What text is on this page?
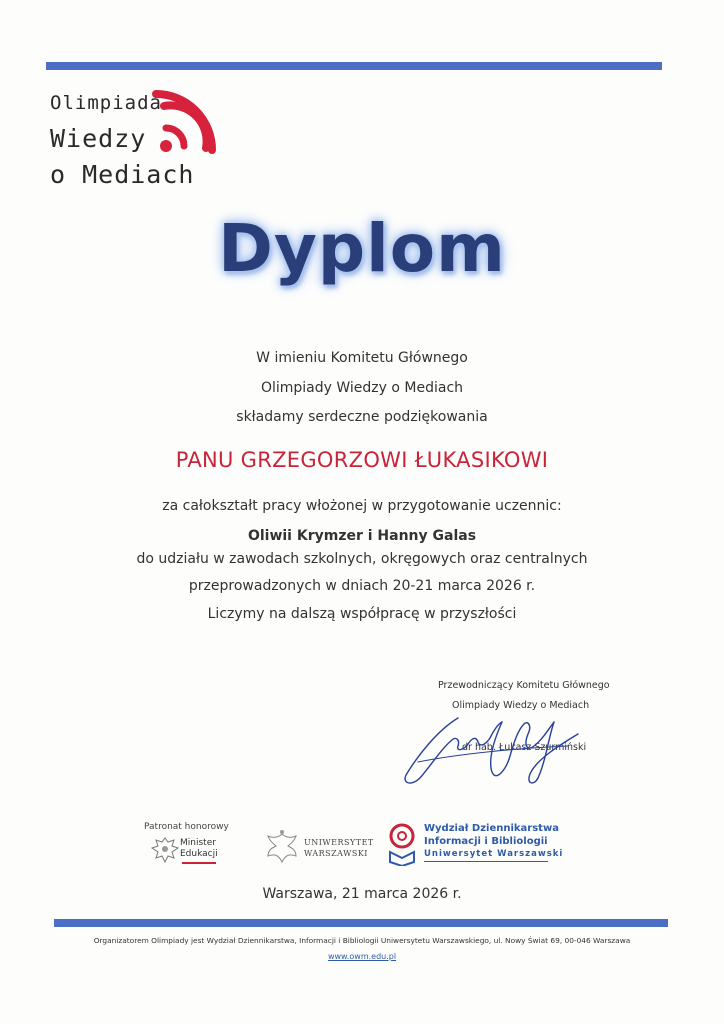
Olimpiada
Wiedzy
o Mediach
Dyplom
W imieniu Komitetu Głównego
Olimpiady Wiedzy o Mediach
składamy serdeczne podziękowania
PANU GRZEGORZOWI ŁUKASIKOWI
za całokształt pracy włożonej w przygotowanie uczennic:
Oliwii Krymzer i Hanny Galas
do udziału w zawodach szkolnych, okręgowych oraz centralnych
przeprowadzonych w dniach 20-21 marca 2026 r.
Liczymy na dalszą współpracę w przyszłości
Przewodniczący Komitetu Głównego
Olimpiady Wiedzy o Mediach
dr hab. Łukasz Szurmiński
Patronat honorowy
Minister
Edukacji
UNIWERSYTET
WARSZAWSKI
Wydział Dziennikarstwa
Informacji i Bibliologii
Uniwersytet Warszawski
Warszawa, 21 marca 2026 r.
Organizatorem Olimpiady jest Wydział Dziennikarstwa, Informacji i Bibliologii Uniwersytetu Warszawskiego, ul. Nowy Świat 69, 00-046 Warszawa
www.owm.edu.pl
